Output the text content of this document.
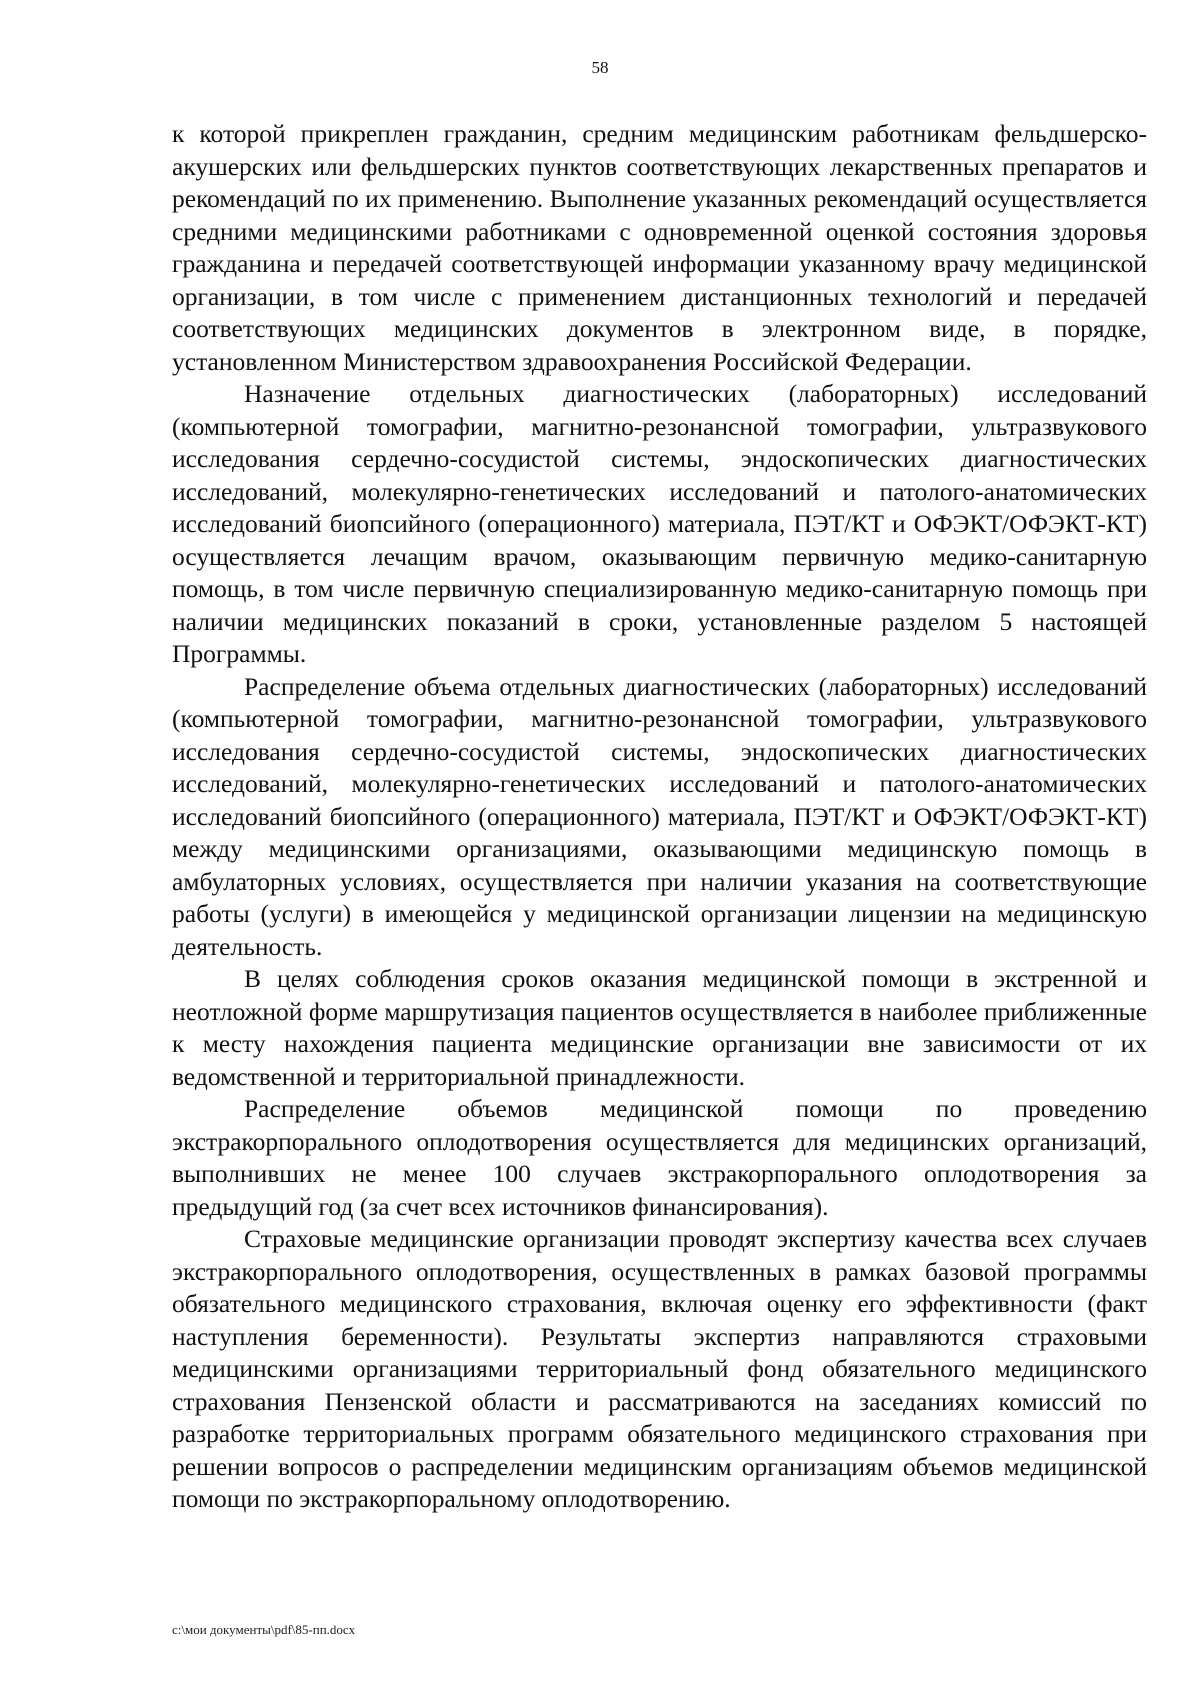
58

к которой прикреплен гражданин, средним медицинским работникам фельдшерско-акушерских или фельдшерских пунктов соответствующих лекарственных препаратов и рекомендаций по их применению. Выполнение указанных рекомендаций осуществляется средними медицинскими работниками с одновременной оценкой состояния здоровья гражданина и передачей соответствующей информации указанному врачу медицинской организации, в том числе с применением дистанционных технологий и передачей соответствующих медицинских документов в электронном виде, в порядке, установленном Министерством здравоохранения Российской Федерации.

Назначение отдельных диагностических (лабораторных) исследований (компьютерной томографии, магнитно-резонансной томографии, ультразвукового исследования сердечно-сосудистой системы, эндоскопических диагностических исследований, молекулярно-генетических исследований и патолого-анатомических исследований биопсийного (операционного) материала, ПЭТ/КТ и ОФЭКТ/ОФЭКТ-КТ) осуществляется лечащим врачом, оказывающим первичную медико-санитарную помощь, в том числе первичную специализированную медико-санитарную помощь при наличии медицинских показаний в сроки, установленные разделом 5 настоящей Программы.

Распределение объема отдельных диагностических (лабораторных) исследований (компьютерной томографии, магнитно-резонансной томографии, ультразвукового исследования сердечно-сосудистой системы, эндоскопических диагностических исследований, молекулярно-генетических исследований и патолого-анатомических исследований биопсийного (операционного) материала, ПЭТ/КТ и ОФЭКТ/ОФЭКТ-КТ) между медицинскими организациями, оказывающими медицинскую помощь в амбулаторных условиях, осуществляется при наличии указания на соответствующие работы (услуги) в имеющейся у медицинской организации лицензии на медицинскую деятельность.

В целях соблюдения сроков оказания медицинской помощи в экстренной и неотложной форме маршрутизация пациентов осуществляется в наиболее приближенные к месту нахождения пациента медицинские организации вне зависимости от их ведомственной и территориальной принадлежности.

Распределение объемов медицинской помощи по проведению экстракорпорального оплодотворения осуществляется для медицинских организаций, выполнивших не менее 100 случаев экстракорпорального оплодотворения за предыдущий год (за счет всех источников финансирования).

Страховые медицинские организации проводят экспертизу качества всех случаев экстракорпорального оплодотворения, осуществленных в рамках базовой программы обязательного медицинского страхования, включая оценку его эффективности (факт наступления беременности). Результаты экспертиз направляются страховыми медицинскими организациями территориальный фонд обязательного медицинского страхования Пензенской области и рассматриваются на заседаниях комиссий по разработке территориальных программ обязательного медицинского страхования при решении вопросов о распределении медицинским организациям объемов медицинской помощи по экстракорпоральному оплодотворению.

c:\мои документы\pdf\85-пп.docx
